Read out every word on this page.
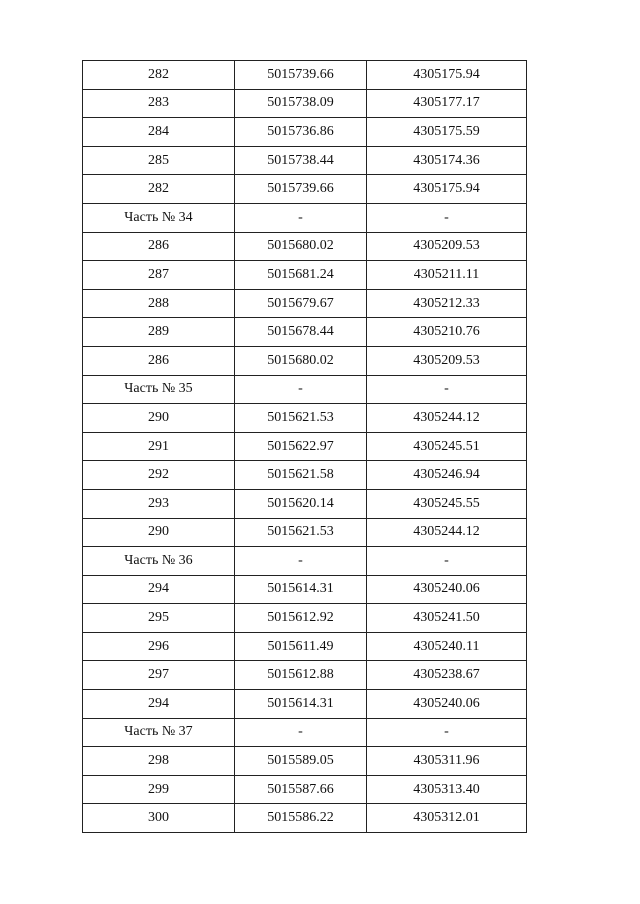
282	5015739.66	4305175.94
283	5015738.09	4305177.17
284	5015736.86	4305175.59
285	5015738.44	4305174.36
282	5015739.66	4305175.94
Часть № 34	-	-
286	5015680.02	4305209.53
287	5015681.24	4305211.11
288	5015679.67	4305212.33
289	5015678.44	4305210.76
286	5015680.02	4305209.53
Часть № 35	-	-
290	5015621.53	4305244.12
291	5015622.97	4305245.51
292	5015621.58	4305246.94
293	5015620.14	4305245.55
290	5015621.53	4305244.12
Часть № 36	-	-
294	5015614.31	4305240.06
295	5015612.92	4305241.50
296	5015611.49	4305240.11
297	5015612.88	4305238.67
294	5015614.31	4305240.06
Часть № 37	-	-
298	5015589.05	4305311.96
299	5015587.66	4305313.40
300	5015586.22	4305312.01
